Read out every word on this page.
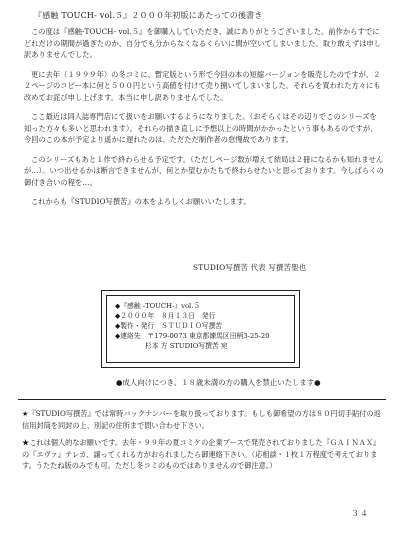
『感触 TOUCH- vol.５』２０００年初版にあたっての後書き

この度は『感触-TOUCH- vol.５』を御購入していただき、誠にありがとうございました。前作からすでにどれだけの期間が過ぎたのか、自分でも分からなくなるくらいに間が空いてしまいました。取り敢えずは申し訳ありませんでした。

更に去年（１９９９年）の冬コミに、暫定版という形で今回の本の短縮バージョンを販売したのですが、２２ページのコピー本に何と５００円という高値を付けて売り捌いてしまいました。それらを買われた方々にも改めてお詫び申し上げます。本当に申し訳ありませんでした。

ここ最近は同人誌専門店にて扱いをお願いするようになりました。（おそらくはその辺りでこのシリーズを知った方々も多いと思われます）。それらの描き直しに予想以上の時間がかかったという事もあるのですが、今回のこの本が予定より遥かに遅れたのは、ただただ制作者の怠慢故であります。

このシリーズもあと１作で終わらせる予定です。（ただしページ数が増えて結局は２冊になるかも知れませんが…）。いつ出せるかは断言できませんが、何とか望むかたちで終わらせたいと思っております。今しばらくの御付き合いの程を…。

これからも『STUDIO写撰苦』の本をよろしくお願いいたします。

STUDIO写撰苦 代表 写撰苦聖也
◆『感触 -TOUCH-』vol.５
◆２０００年　８月１３日　発行
◆製作・発行　ＳＴＵＤＩＯ写撰苦
◆連絡先　〒179-0073 東京都練馬区田柄3-25-20
杉本 方 STUDIO写撰苦 宛
●成人向けにつき、１８歳未満の方の購入を禁止いたします●

★『STUDIO写撰苦』では常時バックナンバーを取り扱っております。もしも御希望の方は８０円切手貼付の返信用封筒を同封の上、別記の住所まで問い合わせ下さい。

★これは個人的なお願いです。去年・９９年の夏コミケの企業ブースで発売されておりました『ＧＡＩＮＡＸ』の『エヴァ』テレカ、譲ってくれる方がおられましたら御連絡下さい。（応相談・１枚１万程度で考えております。うたたね版のみでも可。ただし冬コミのものではありませんので御注意。）

３４
